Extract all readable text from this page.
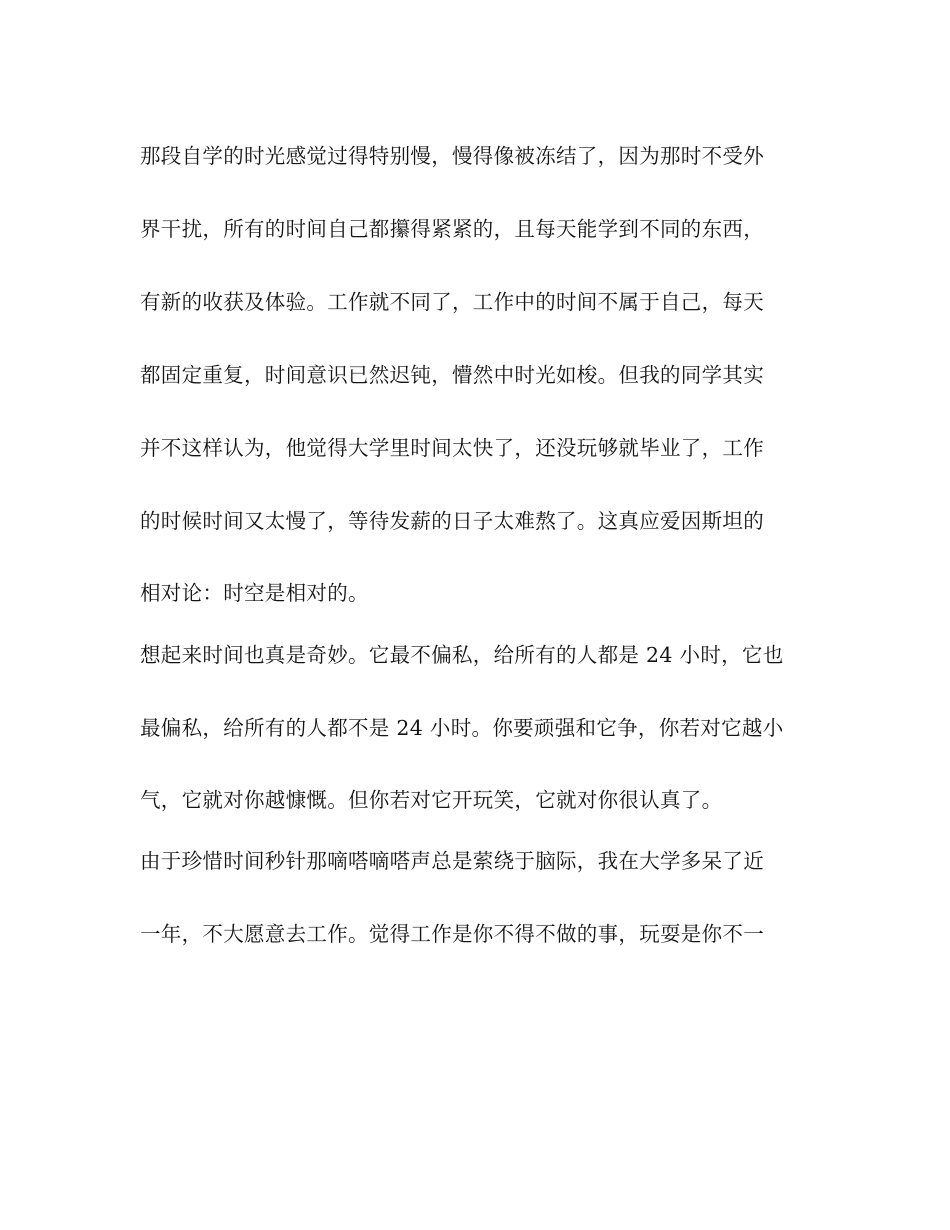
那段自学的时光感觉过得特别慢，慢得像被冻结了，因为那时不受外
界干扰，所有的时间自己都攥得紧紧的，且每天能学到不同的东西，
有新的收获及体验。工作就不同了，工作中的时间不属于自己，每天
都固定重复，时间意识已然迟钝，懵然中时光如梭。但我的同学其实
并不这样认为，他觉得大学里时间太快了，还没玩够就毕业了，工作
的时候时间又太慢了，等待发薪的日子太难熬了。这真应爱因斯坦的
相对论：时空是相对的。
想起来时间也真是奇妙。它最不偏私，给所有的人都是 24 小时，它也
最偏私，给所有的人都不是 24 小时。你要顽强和它争，你若对它越小
气，它就对你越慷慨。但你若对它开玩笑，它就对你很认真了。
由于珍惜时间秒针那嘀嗒嘀嗒声总是萦绕于脑际，我在大学多呆了近
一年，不大愿意去工作。觉得工作是你不得不做的事，玩耍是你不一
